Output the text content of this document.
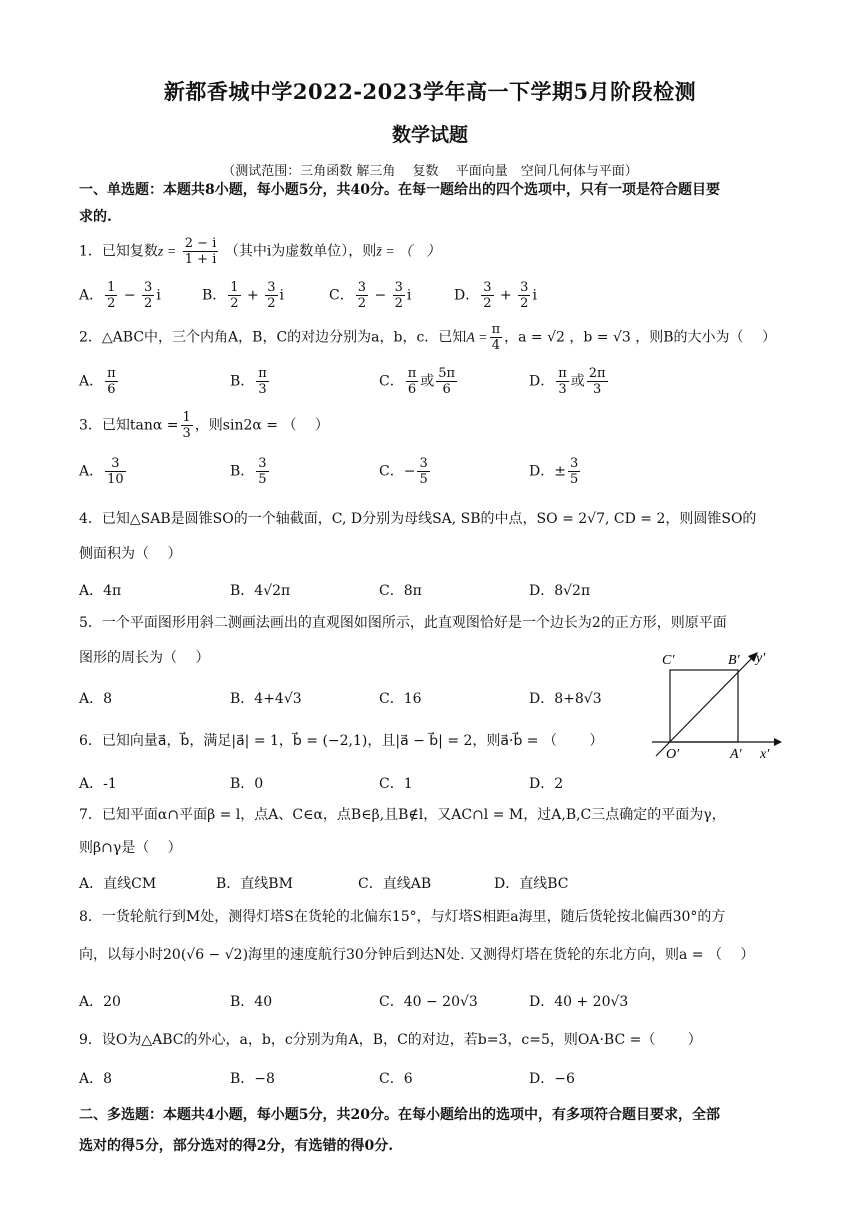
新都香城中学2022-2023学年高一下学期5月阶段检测
数学试题
（测试范围：三角函数 解三角　 复数　 平面向量　空间几何体与平面）
一、单选题：本题共8小题，每小题5分，共40分。在每一题给出的四个选项中，只有一项是符合题目要
求的.
1．已知复数$z = \frac{2 - i}{1 + i}$ （其中i为虚数单位），则z̄ = （　）
A． $\frac{1}{2} - \frac{3}{2}$ i	B． $\frac{1}{2} + \frac{3}{2}$ i	C． $\frac{3}{2} - \frac{3}{2}$ i	D． $\frac{3}{2} + \frac{3}{2}$ i
2．△ABC中，三个内角A，B，C的对边分别为a，b，c．已知$A = \frac{\pi}{4}$ ，a = √2 ，b = √3 ，则B的大小为（　 ）
A． $\frac{\pi}{6}$	B． $\frac{\pi}{3}$	C． $\frac{\pi}{6}$ 或 $\frac{5\pi}{6}$	D． $\frac{\pi}{3}$ 或 $\frac{2\pi}{3}$
3．已知$\tan\alpha = \frac{1}{3}$ ，则sin2α = （　 ）
A． $\frac{3}{10}$	B． $\frac{3}{5}$	C．− $\frac{3}{5}$	D．± $\frac{3}{5}$
4．已知△SAB是圆锥SO的一个轴截面，C, D分别为母线SA, SB的中点，SO = 2√7, CD = 2，则圆锥SO的
侧面积为（　 ）
A．4π	B．4√2π	C．8π	D．8√2π
5．一个平面图形用斜二测画法画出的直观图如图所示，此直观图恰好是一个边长为2的正方形，则原平面
图形的周长为（　 ）
A．8	B．4+4√3	C．16	D．8+8√3
C′	B′ y′
O′	A′ x′
6．已知向量a⃗，b⃗，满足|a⃗| = 1，b⃗ = (−2,1)，且|a⃗ − b⃗| = 2，则a⃗·b⃗ = （　　 ）
A．-1	B．0	C．1	D．2
7．已知平面α∩平面β = l，点A、C∈α，点B∈β,且B∉l，又AC∩l = M，过A,B,C三点确定的平面为γ，
则β∩γ是（　 ）
A．直线CM	B．直线BM	C．直线AB	D．直线BC
8．一货轮航行到M处，测得灯塔S在货轮的北偏东15°，与灯塔S相距a海里，随后货轮按北偏西30°的方
向，以每小时20(√6 − √2)海里的速度航行30分钟后到达N处. 又测得灯塔在货轮的东北方向，则a = （　 ）
A．20	B．40	C．40 − 20√3	D．40 + 20√3
9．设O为△ABC的外心，a，b，c分别为角A，B，C的对边，若b=3，c=5，则OA·BC =（　　 ）
A．8	B．−8	C．6	D．−6
二、多选题：本题共4小题，每小题5分，共20分。在每小题给出的选项中，有多项符合题目要求，全部
选对的得5分，部分选对的得2分，有选错的得0分.
